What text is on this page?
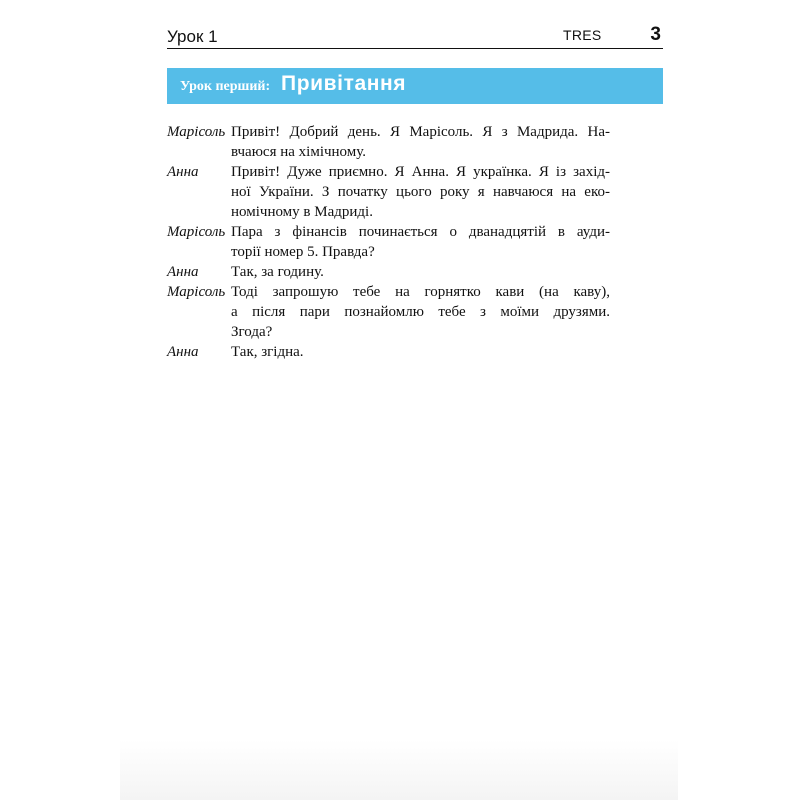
Урок 1	TRES	3
Урок перший: Привітання
Марісоль Привіт! Добрий день. Я Марісоль. Я з Мадрида. На-
вчаюся на хімічному.
Анна	Привіт! Дуже приємно. Я Анна. Я українка. Я із захід-
ної України. З початку цього року я навчаюся на еко-
номічному в Мадриді.
Марісоль Пара з фінансів починається о дванадцятій в ауди-
торії номер 5. Правда?
Анна	Так, за годину.
Марісоль Тоді запрошую тебе на горнятко кави (на каву),
а після пари познайомлю тебе з моїми друзями.
Згода?
Анна	Так, згідна.
